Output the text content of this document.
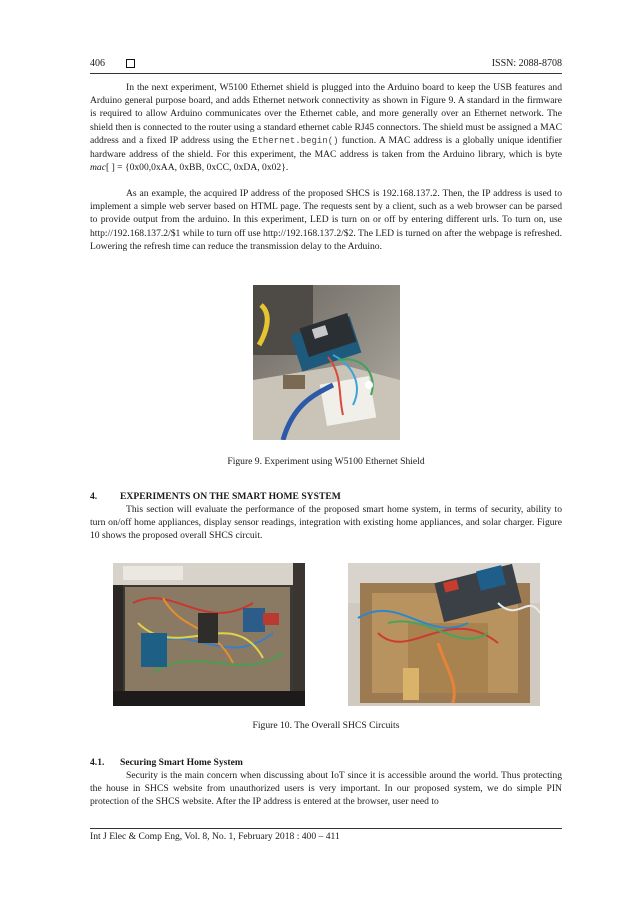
406	ISSN: 2088-8708
In the next experiment, W5100 Ethernet shield is plugged into the Arduino board to keep the USB features and Arduino general purpose board, and adds Ethernet network connectivity as shown in Figure 9. A standard in the firmware is required to allow Arduino communicates over the Ethernet cable, and more generally over an Ethernet network. The shield then is connected to the router using a standard ethernet cable RJ45 connectors. The shield must be assigned a MAC address and a fixed IP address using the Ethernet.begin() function. A MAC address is a globally unique identifier hardware address of the shield. For this experiment, the MAC address is taken from the Arduino library, which is byte mac[ ] = {0x00,0xAA, 0xBB, 0xCC, 0xDA, 0x02}.
As an example, the acquired IP address of the proposed SHCS is 192.168.137.2. Then, the IP address is used to implement a simple web server based on HTML page. The requests sent by a client, such as a web browser can be parsed to provide output from the arduino. In this experiment, LED is turn on or off by entering different urls. To turn on, use http://192.168.137.2/$1 while to turn off use http://192.168.137.2/$2. The LED is turned on after the webpage is refreshed. Lowering the refresh time can reduce the transmission delay to the Arduino.
Figure 9. Experiment using W5100 Ethernet Shield
4. EXPERIMENTS ON THE SMART HOME SYSTEM
This section will evaluate the performance of the proposed smart home system, in terms of security, ability to turn on/off home appliances, display sensor readings, integration with existing home appliances, and solar charger. Figure 10 shows the proposed overall SHCS circuit.
Figure 10. The Overall SHCS Circuits
4.1. Securing Smart Home System
Security is the main concern when discussing about IoT since it is accessible around the world. Thus protecting the house in SHCS website from unauthorized users is very important. In our proposed system, we do simple PIN protection of the SHCS website. After the IP address is entered at the browser, user need to
Int J Elec & Comp Eng, Vol. 8, No. 1, February 2018 : 400 – 411
